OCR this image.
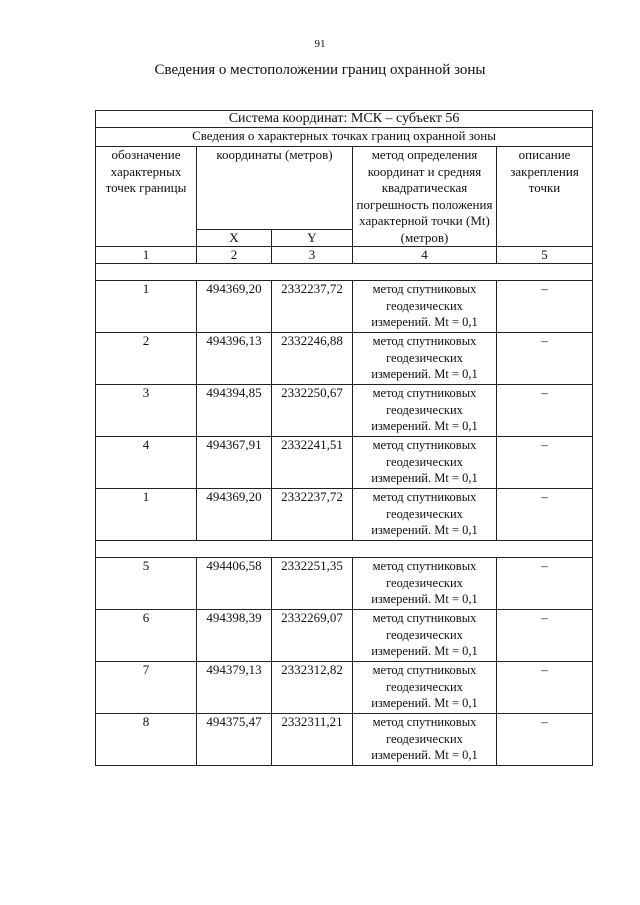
91
Сведения о местоположении границ охранной зоны
Система координат: МСК – субъект 56				
Сведения о характерных точках границ охранной зоны				
обозначение характерных точек границы	координаты (метров)		метод определения координат и средняя квадратическая погрешность положения характерной точки (Mt) (метров)	описание закрепления точки
	X	Y		
1	2	3	4	5

1	494369,20	2332237,72	метод спутниковых геодезических измерений. Mt = 0,1	–
2	494396,13	2332246,88	метод спутниковых геодезических измерений. Mt = 0,1	–
3	494394,85	2332250,67	метод спутниковых геодезических измерений. Mt = 0,1	–
4	494367,91	2332241,51	метод спутниковых геодезических измерений. Mt = 0,1	–
1	494369,20	2332237,72	метод спутниковых геодезических измерений. Mt = 0,1	–

5	494406,58	2332251,35	метод спутниковых геодезических измерений. Mt = 0,1	–
6	494398,39	2332269,07	метод спутниковых геодезических измерений. Mt = 0,1	–
7	494379,13	2332312,82	метод спутниковых геодезических измерений. Mt = 0,1	–
8	494375,47	2332311,21	метод спутниковых геодезических измерений. Mt = 0,1	–
